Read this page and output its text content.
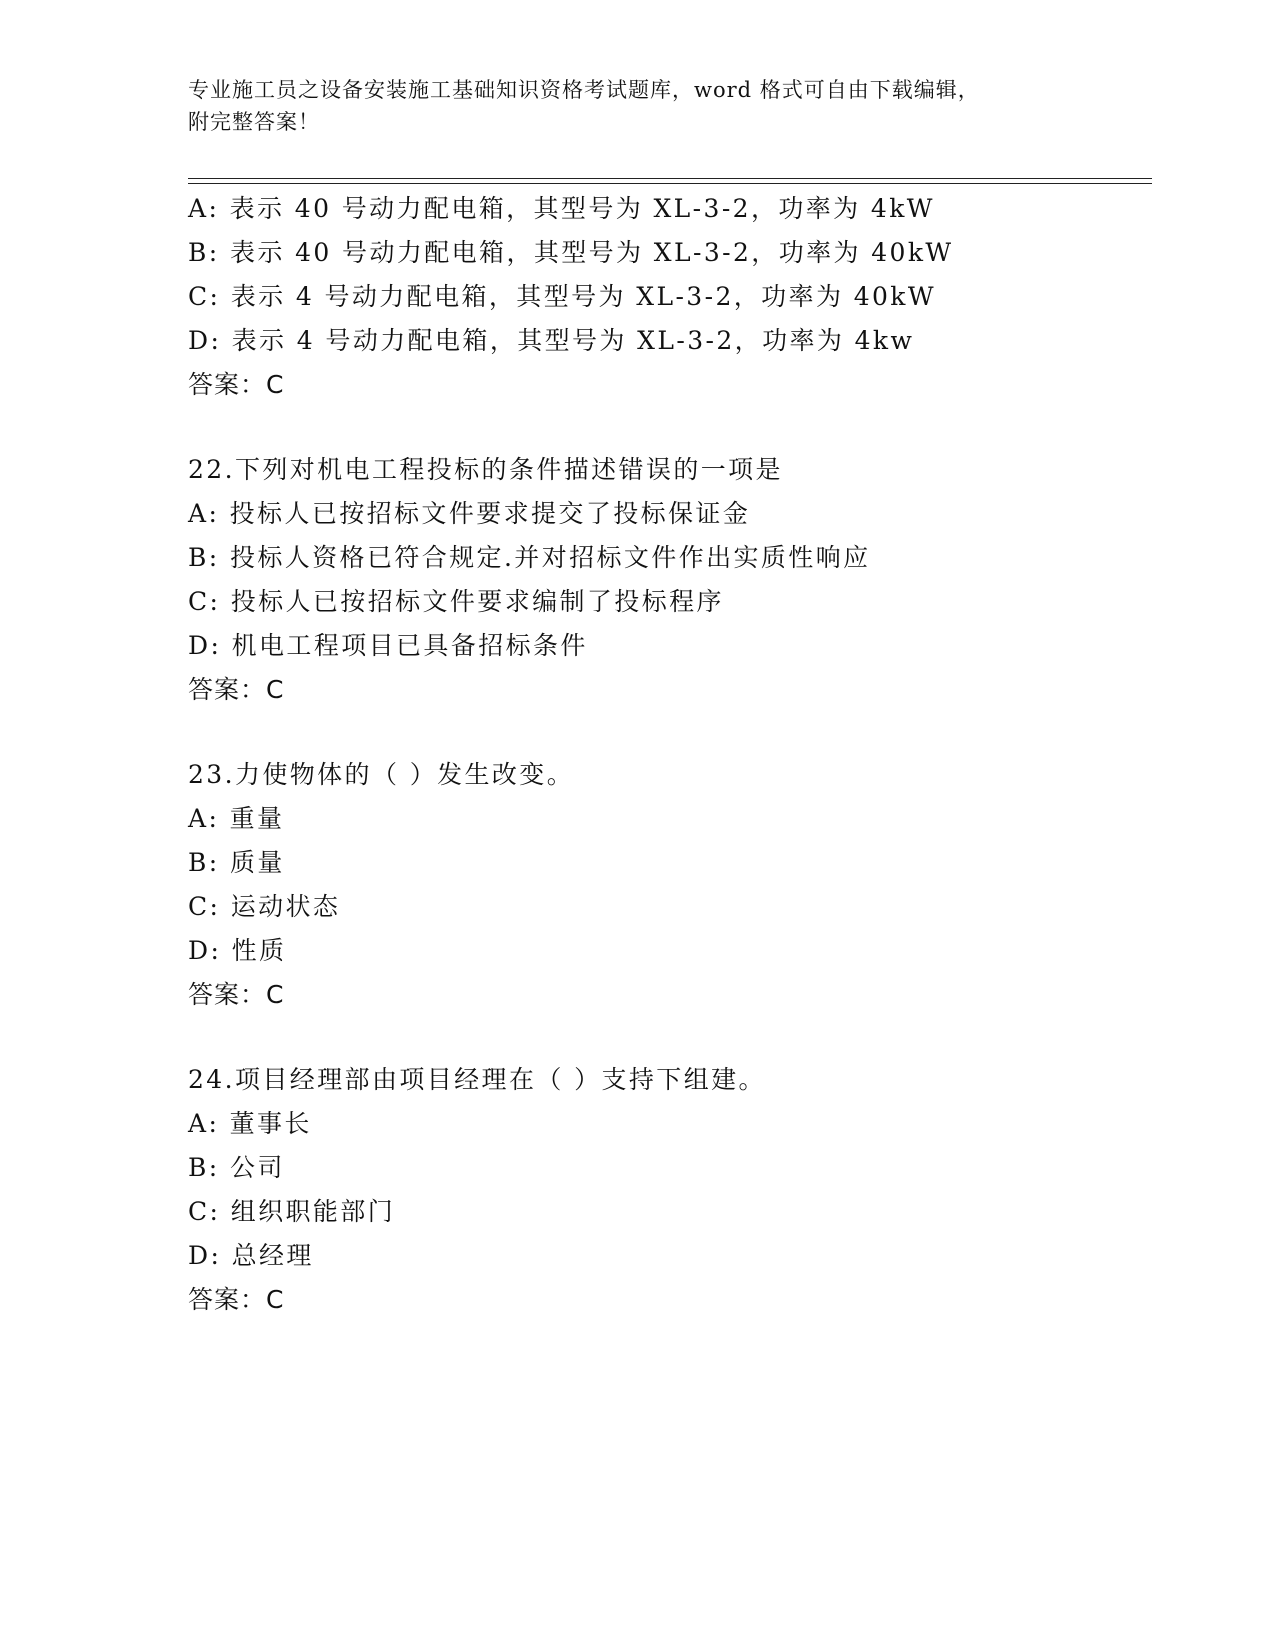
专业施工员之设备安装施工基础知识资格考试题库，word 格式可自由下载编辑，
附完整答案！
A: 表示 40 号动力配电箱，其型号为 XL-3-2，功率为 4kW
B: 表示 40 号动力配电箱，其型号为 XL-3-2，功率为 40kW
C: 表示 4 号动力配电箱，其型号为 XL-3-2，功率为 40kW
D: 表示 4 号动力配电箱，其型号为 XL-3-2，功率为 4kw
答案：C
22.下列对机电工程投标的条件描述错误的一项是
A: 投标人已按招标文件要求提交了投标保证金
B: 投标人资格已符合规定.并对招标文件作出实质性响应
C: 投标人已按招标文件要求编制了投标程序
D: 机电工程项目已具备招标条件
答案：C
23.力使物体的（ ）发生改变。
A: 重量
B: 质量
C: 运动状态
D: 性质
答案：C
24.项目经理部由项目经理在（ ）支持下组建。
A: 董事长
B: 公司
C: 组织职能部门
D: 总经理
答案：C
